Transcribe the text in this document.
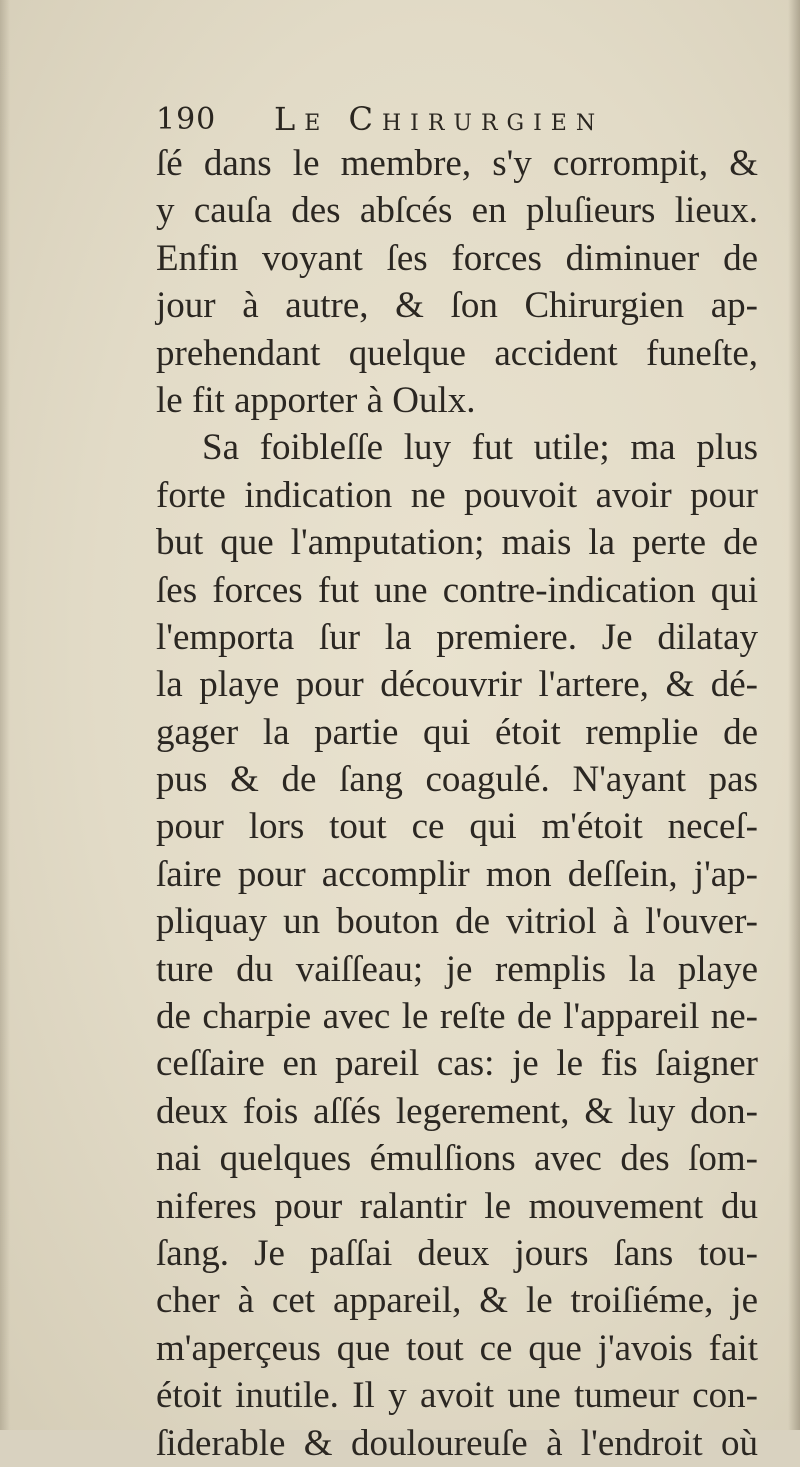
190 Le Chirurgien
ſé dans le membre, s'y corrompit, &
y cauſa des abſcés en pluſieurs lieux.
Enfin voyant ſes forces diminuer de
jour à autre, & ſon Chirurgien ap-
prehendant quelque accident funeſte,
le fit apporter à Oulx.
Sa foibleſſe luy fut utile; ma plus
forte indication ne pouvoit avoir pour
but que l'amputation; mais la perte de
ſes forces fut une contre-indication qui
l'emporta ſur la premiere. Je dilatay
la playe pour découvrir l'artere, & dé-
gager la partie qui étoit remplie de
pus & de ſang coagulé. N'ayant pas
pour lors tout ce qui m'étoit neceſ-
ſaire pour accomplir mon deſſein, j'ap-
pliquay un bouton de vitriol à l'ouver-
ture du vaiſſeau; je remplis la playe
de charpie avec le reſte de l'appareil ne-
ceſſaire en pareil cas: je le fis ſaigner
deux fois aſſés legerement, & luy don-
nai quelques émulſions avec des ſom-
niferes pour ralantir le mouvement du
ſang. Je paſſai deux jours ſans tou-
cher à cet appareil, & le troiſiéme, je
m'aperçeus que tout ce que j'avois fait
étoit inutile. Il y avoit une tumeur con-
ſiderable & douloureuſe à l'endroit où
